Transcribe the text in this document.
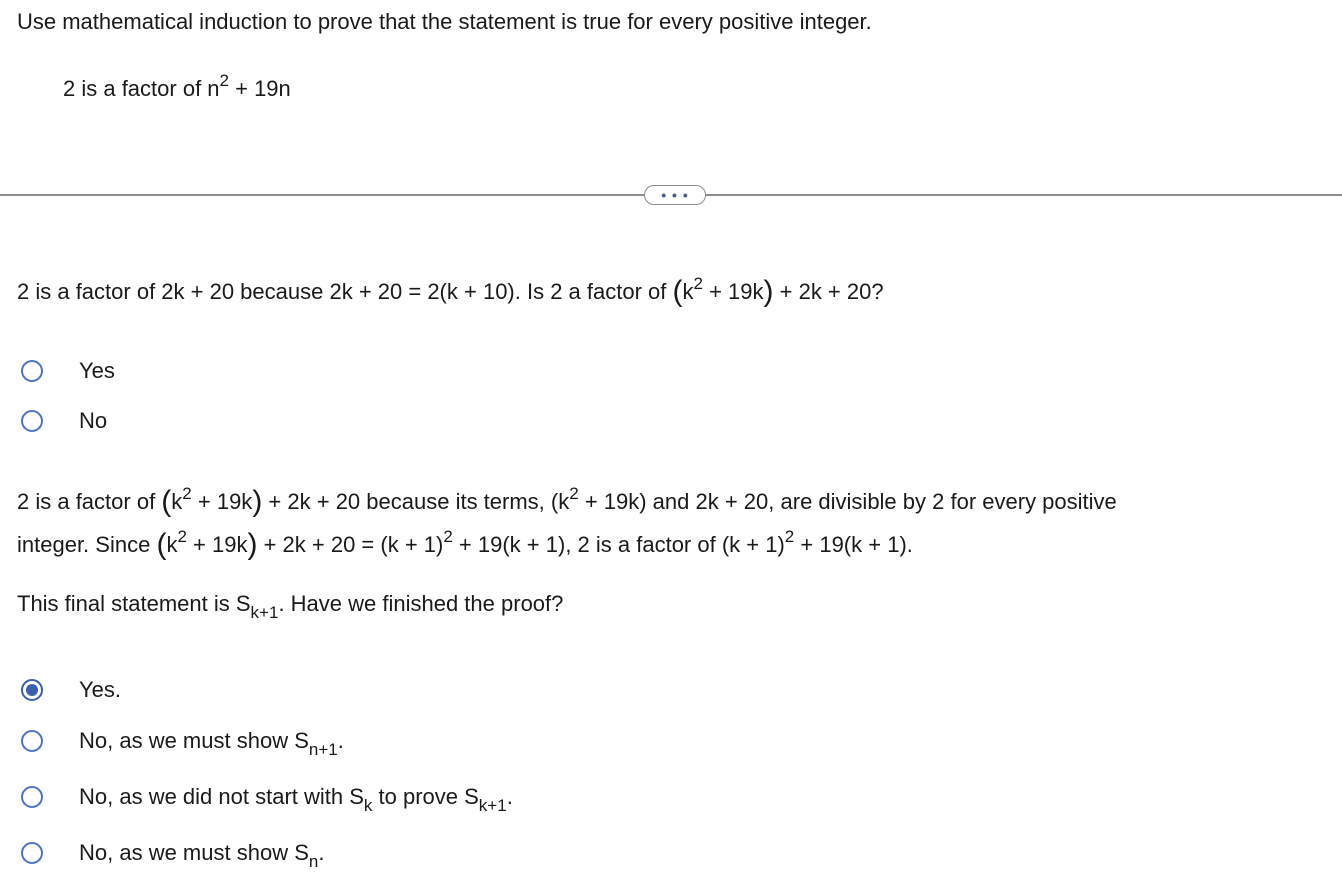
Use mathematical induction to prove that the statement is true for every positive integer.
2 is a factor of $n^2 + 19n$
• • •
2 is a factor of 2k + 20 because 2k + 20 = 2(k + 10). Is 2 a factor of $(k^2 + 19k) + 2k + 20$?
Yes
No
2 is a factor of $(k^2 + 19k) + 2k + 20$ because its terms, $(k^2 + 19k)$ and 2k + 20, are divisible by 2 for every positive
integer. Since $(k^2 + 19k) + 2k + 20 = (k + 1)^2 + 19(k + 1)$, 2 is a factor of $(k + 1)^2 + 19(k + 1)$.
This final statement is $S_{k+1}$. Have we finished the proof?
Yes.
No, as we must show $S_{n+1}$.
No, as we did not start with $S_k$ to prove $S_{k+1}$.
No, as we must show $S_n$.
